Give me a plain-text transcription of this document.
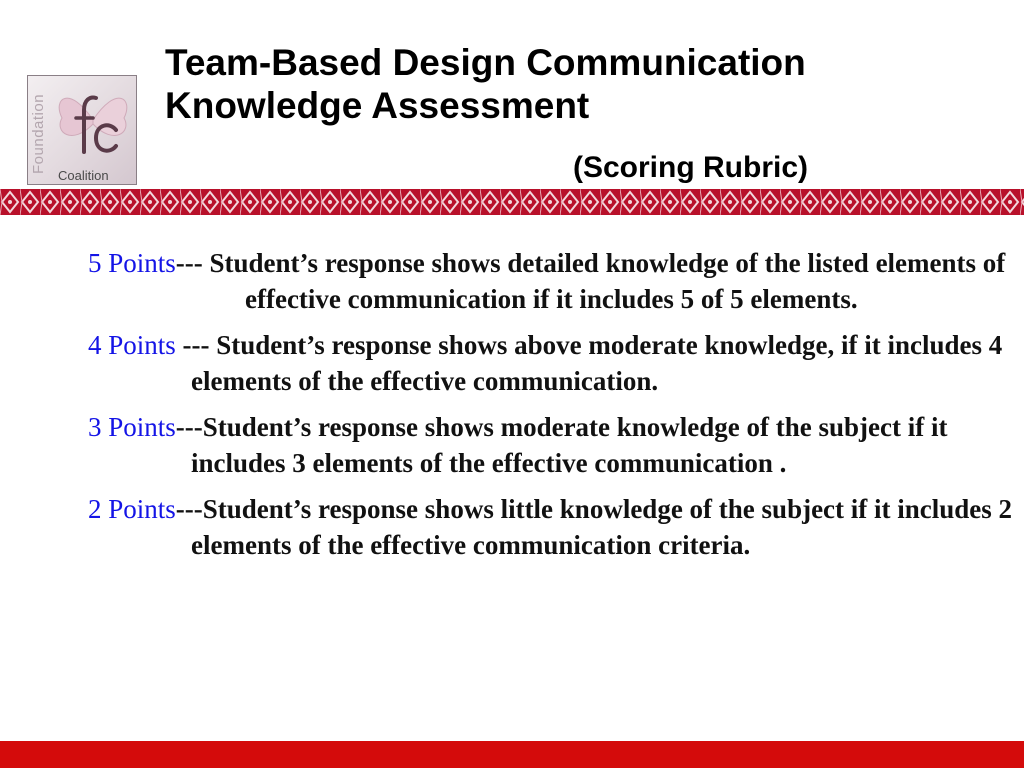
Foundation
Coalition
Team-Based Design Communication
Knowledge Assessment
(Scoring Rubric)
5 Points--- Student’s response shows detailed knowledge of the listed elements ofeffective communication if it includes 5 of 5 elements.
4 Points --- Student’s response shows above moderate knowledge, if it includes 4 elements of the effective communication.
3 Points---Student’s response shows moderate knowledge of the subject if it includes 3 elements of the effective communication .
2 Points---Student’s response shows little knowledge of the subject if it includes 2 elements of the effective communication criteria.
